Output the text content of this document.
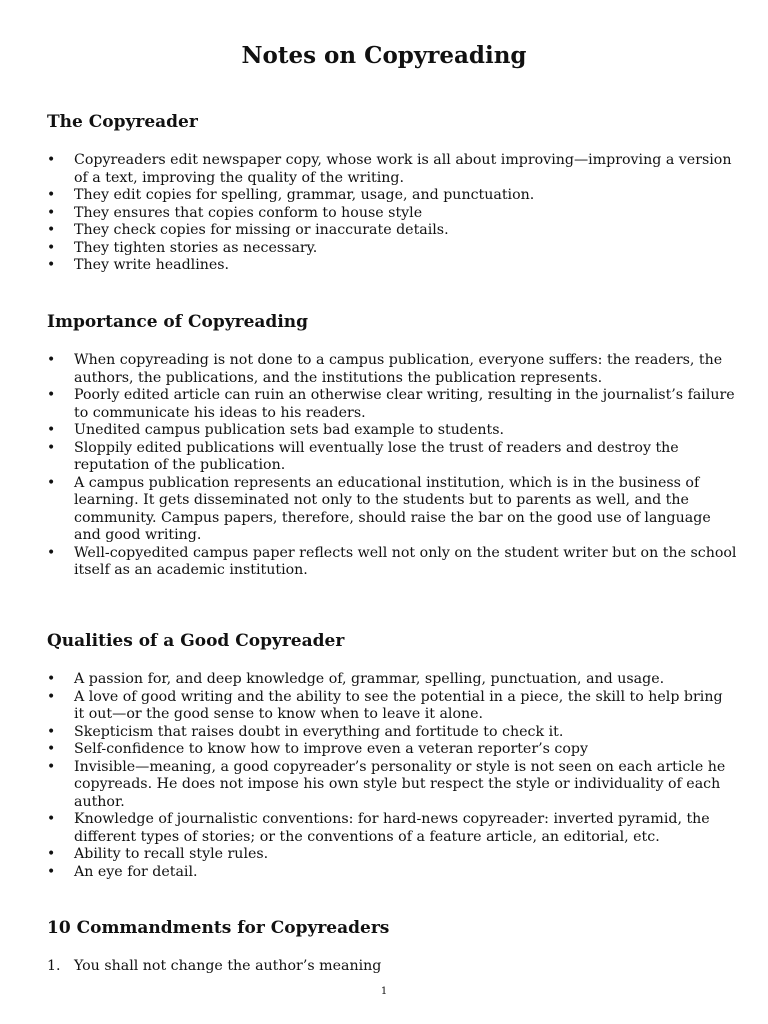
Notes on Copyreading
The Copyreader
• Copyreaders edit newspaper copy, whose work is all about improving—improving a version of a text, improving the quality of the writing.
• They edit copies for spelling, grammar, usage, and punctuation.
• They ensures that copies conform to house style
• They check copies for missing or inaccurate details.
• They tighten stories as necessary.
• They write headlines.
Importance of Copyreading
• When copyreading is not done to a campus publication, everyone suffers: the readers, the authors, the publications, and the institutions the publication represents.
• Poorly edited article can ruin an otherwise clear writing, resulting in the journalist’s failure to communicate his ideas to his readers.
• Unedited campus publication sets bad example to students.
• Sloppily edited publications will eventually lose the trust of readers and destroy the reputation of the publication.
• A campus publication represents an educational institution, which is in the business of learning. It gets disseminated not only to the students but to parents as well, and the community. Campus papers, therefore, should raise the bar on the good use of language and good writing.
• Well-copyedited campus paper reflects well not only on the student writer but on the school itself as an academic institution.
Qualities of a Good Copyreader
• A passion for, and deep knowledge of, grammar, spelling, punctuation, and usage.
• A love of good writing and the ability to see the potential in a piece, the skill to help bring it out—or the good sense to know when to leave it alone.
• Skepticism that raises doubt in everything and fortitude to check it.
• Self-confidence to know how to improve even a veteran reporter’s copy
• Invisible—meaning, a good copyreader’s personality or style is not seen on each article he copyreads. He does not impose his own style but respect the style or individuality of each author.
• Knowledge of journalistic conventions: for hard-news copyreader: inverted pyramid, the different types of stories; or the conventions of a feature article, an editorial, etc.
• Ability to recall style rules.
• An eye for detail.
10 Commandments for Copyreaders
1. You shall not change the author’s meaning
1
